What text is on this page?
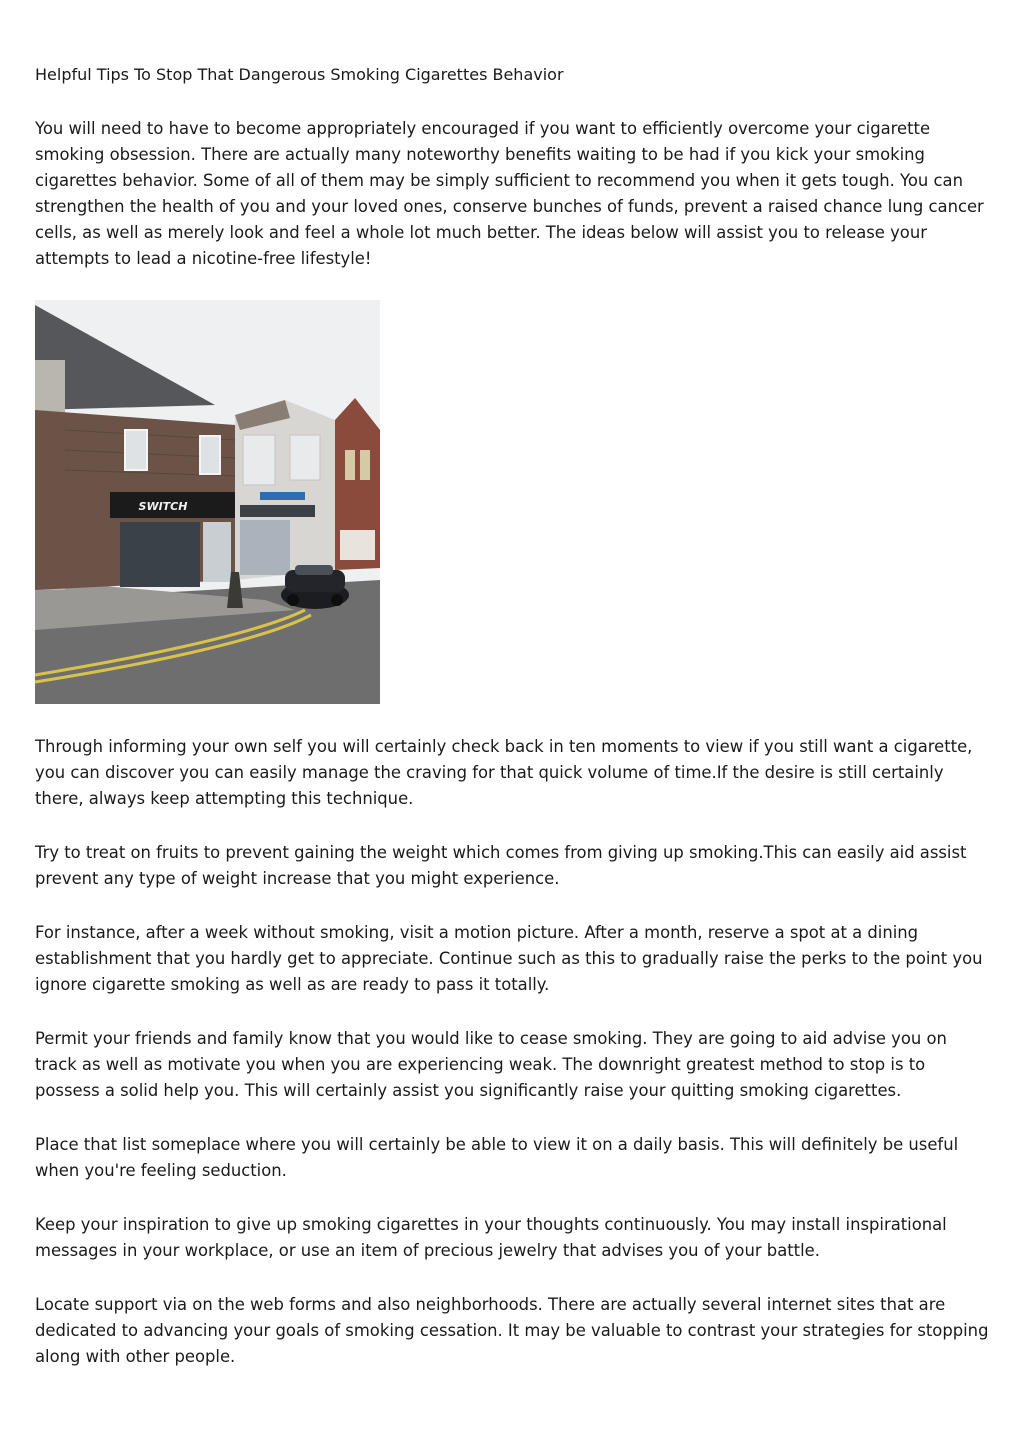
Helpful Tips To Stop That Dangerous Smoking Cigarettes Behavior

You will need to have to become appropriately encouraged if you want to efficiently overcome your cigarette smoking obsession. There are actually many noteworthy benefits waiting to be had if you kick your smoking cigarettes behavior. Some of all of them may be simply sufficient to recommend you when it gets tough. You can strengthen the health of you and your loved ones, conserve bunches of funds, prevent a raised chance lung cancer cells, as well as merely look and feel a whole lot much better. The ideas below will assist you to release your attempts to lead a nicotine-free lifestyle!

SWITCH

Through informing your own self you will certainly check back in ten moments to view if you still want a cigarette, you can discover you can easily manage the craving for that quick volume of time.If the desire is still certainly there, always keep attempting this technique.

Try to treat on fruits to prevent gaining the weight which comes from giving up smoking.This can easily aid assist prevent any type of weight increase that you might experience.

For instance, after a week without smoking, visit a motion picture. After a month, reserve a spot at a dining establishment that you hardly get to appreciate. Continue such as this to gradually raise the perks to the point you ignore cigarette smoking as well as are ready to pass it totally.

Permit your friends and family know that you would like to cease smoking. They are going to aid advise you on track as well as motivate you when you are experiencing weak. The downright greatest method to stop is to possess a solid help you. This will certainly assist you significantly raise your quitting smoking cigarettes.

Place that list someplace where you will certainly be able to view it on a daily basis. This will definitely be useful when you're feeling seduction.

Keep your inspiration to give up smoking cigarettes in your thoughts continuously. You may install inspirational messages in your workplace, or use an item of precious jewelry that advises you of your battle.

Locate support via on the web forms and also neighborhoods. There are actually several internet sites that are dedicated to advancing your goals of smoking cessation. It may be valuable to contrast your strategies for stopping along with other people.
